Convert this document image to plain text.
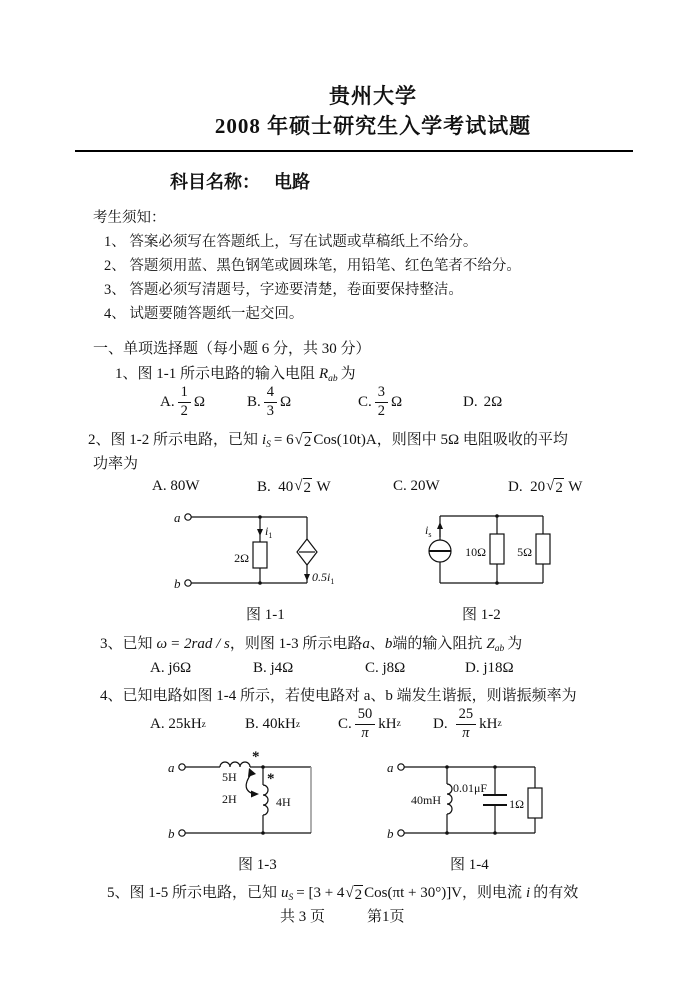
贵州大学
2008 年硕士研究生入学考试试题
科目名称： 电路
考生须知：
1、 答案必须写在答题纸上，写在试题或草稿纸上不给分。
2、 答题须用蓝、黑色钢笔或圆珠笔，用铅笔、红色笔者不给分。
3、 答题必须写清题号，字迹要清楚，卷面要保持整洁。
4、 试题要随答题纸一起交回。
一、单项选择题（每小题 6 分，共 30 分）
1、图 1-1 所示电路的输入电阻 $R_{ab}$ 为
A. $\frac{1}{2}$ Ω	B. $\frac{4}{3}$ Ω	C. $\frac{3}{2}$ Ω	D. 2Ω
2、图 1-2 所示电路，已知 $i_S = 6$ √ 2 Cos(10t)A，则图中 5Ω 电阻吸收的平均
功率为
A. 80W	B.  40 √ 2 W	C. 20W	D.  20 √ 2 W
a
$i_1$
2Ω
$0.5i_1$
b
图 1-1
$i_s$
10Ω	5Ω
图 1-2
3、已知 ω = 2rad / s，则图 1-3 所示电路a、b端的输入阻抗 $Z_{ab}$ 为
A. j6Ω	B. j4Ω	C. j8Ω	D. j18Ω
4、已知电路如图 1-4 所示，若使电路对 a、b 端发生谐振，则谐振频率为
A. 25kH z	B. 40kH z	C. $\frac{50}{\pi}$ kH z D. $\frac{25}{\pi}$ kH z
a
*
5H *
4H
2H
b
图 1-3
a
40mH
0.01μF
1Ω
b
图 1-4
5、图 1-5 所示电路，已知 $u_S = [3 + 4$ √ 2 Cos(πt + 30°)]V，则电流 i 的有效
共 3 页	第1页
